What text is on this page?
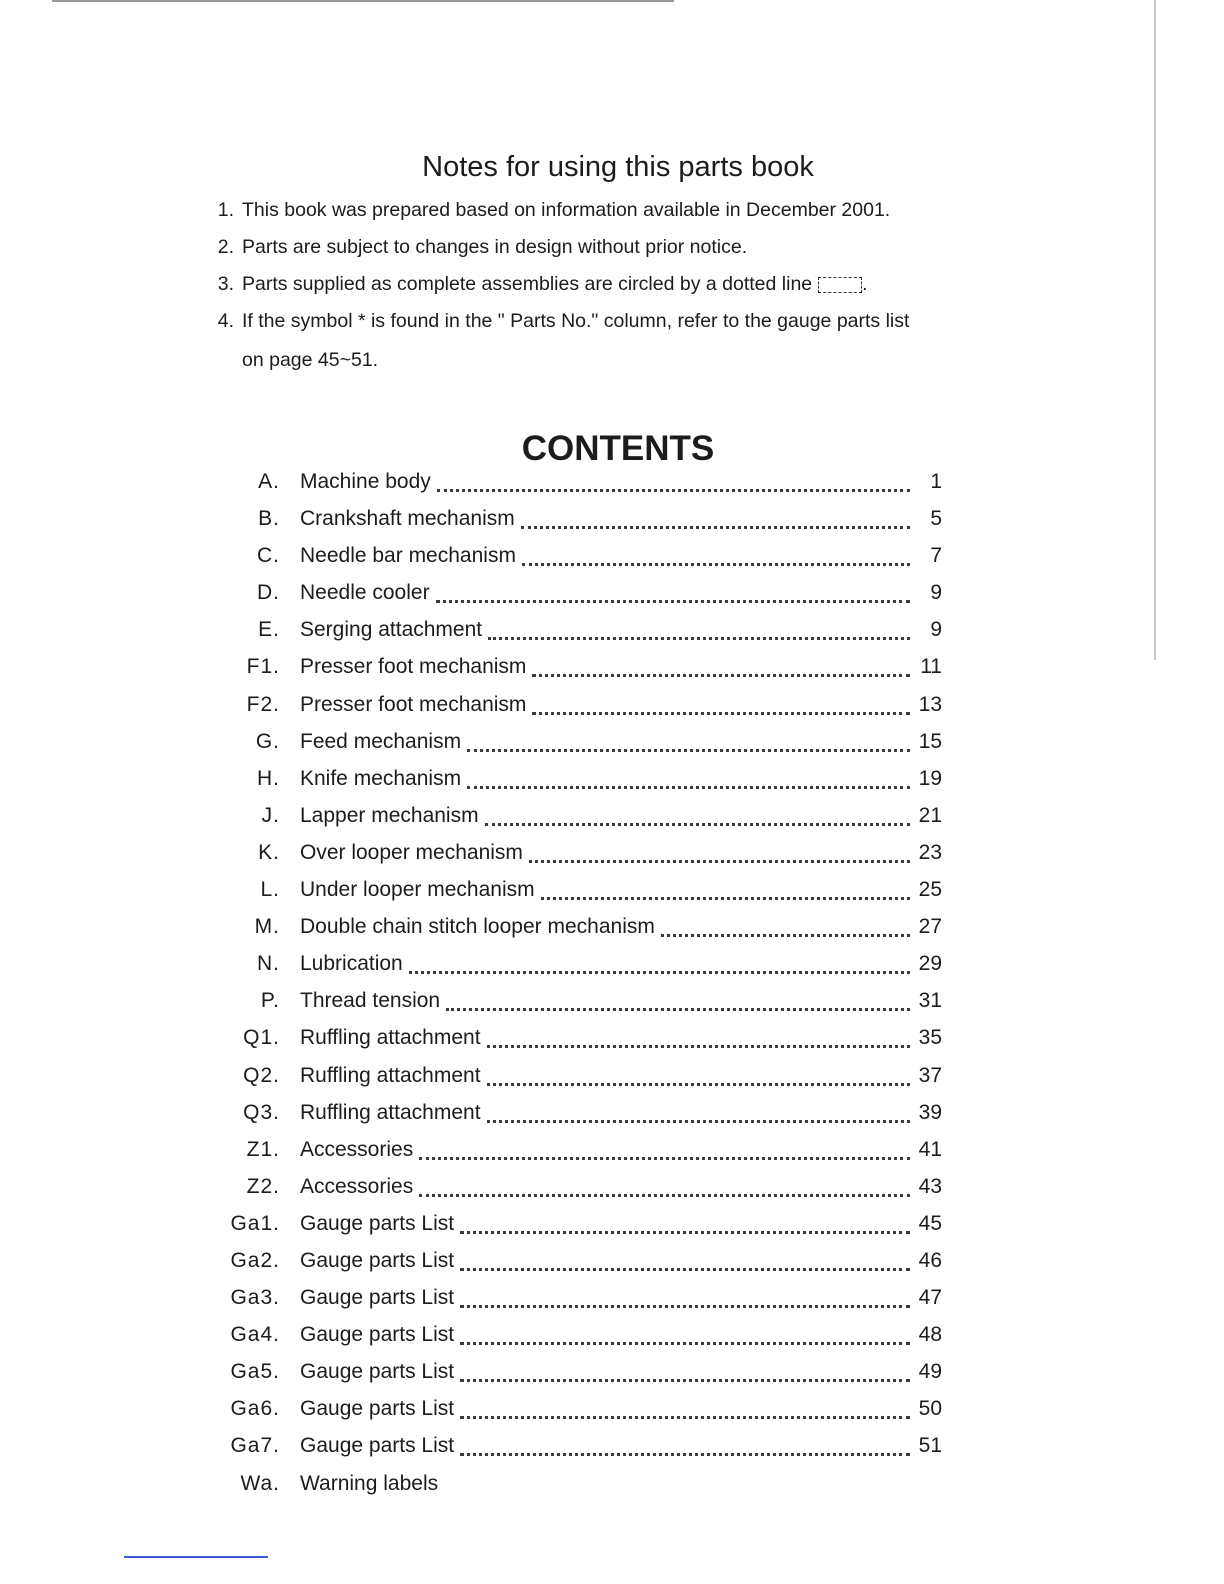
Notes for using this parts book
1. This book was prepared based on information available in December 2001.
2. Parts are subject to changes in design without prior notice.
3. Parts supplied as complete assemblies are circled by a dotted line	.
4. If the symbol * is found in the " Parts No." column, refer to the gauge parts list
on page 45~51.
CONTENTS
A. Machine body	1
B. Crankshaft mechanism	5
C. Needle bar mechanism	7
D. Needle cooler	9
E. Serging attachment	9
F1. Presser foot mechanism	11
F2. Presser foot mechanism	13
G. Feed mechanism	15
H. Knife mechanism	19
J. Lapper mechanism	21
K. Over looper mechanism	23
L. Under looper mechanism	25
M. Double chain stitch looper mechanism	27
N. Lubrication	29
P. Thread tension	31
Q1. Ruffling attachment	35
Q2. Ruffling attachment	37
Q3. Ruffling attachment	39
Z1. Accessories	41
Z2. Accessories	43
Ga1. Gauge parts List	45
Ga2. Gauge parts List	46
Ga3. Gauge parts List	47
Ga4. Gauge parts List	48
Ga5. Gauge parts List	49
Ga6. Gauge parts List	50
Ga7. Gauge parts List	51
Wa. Warning labels
